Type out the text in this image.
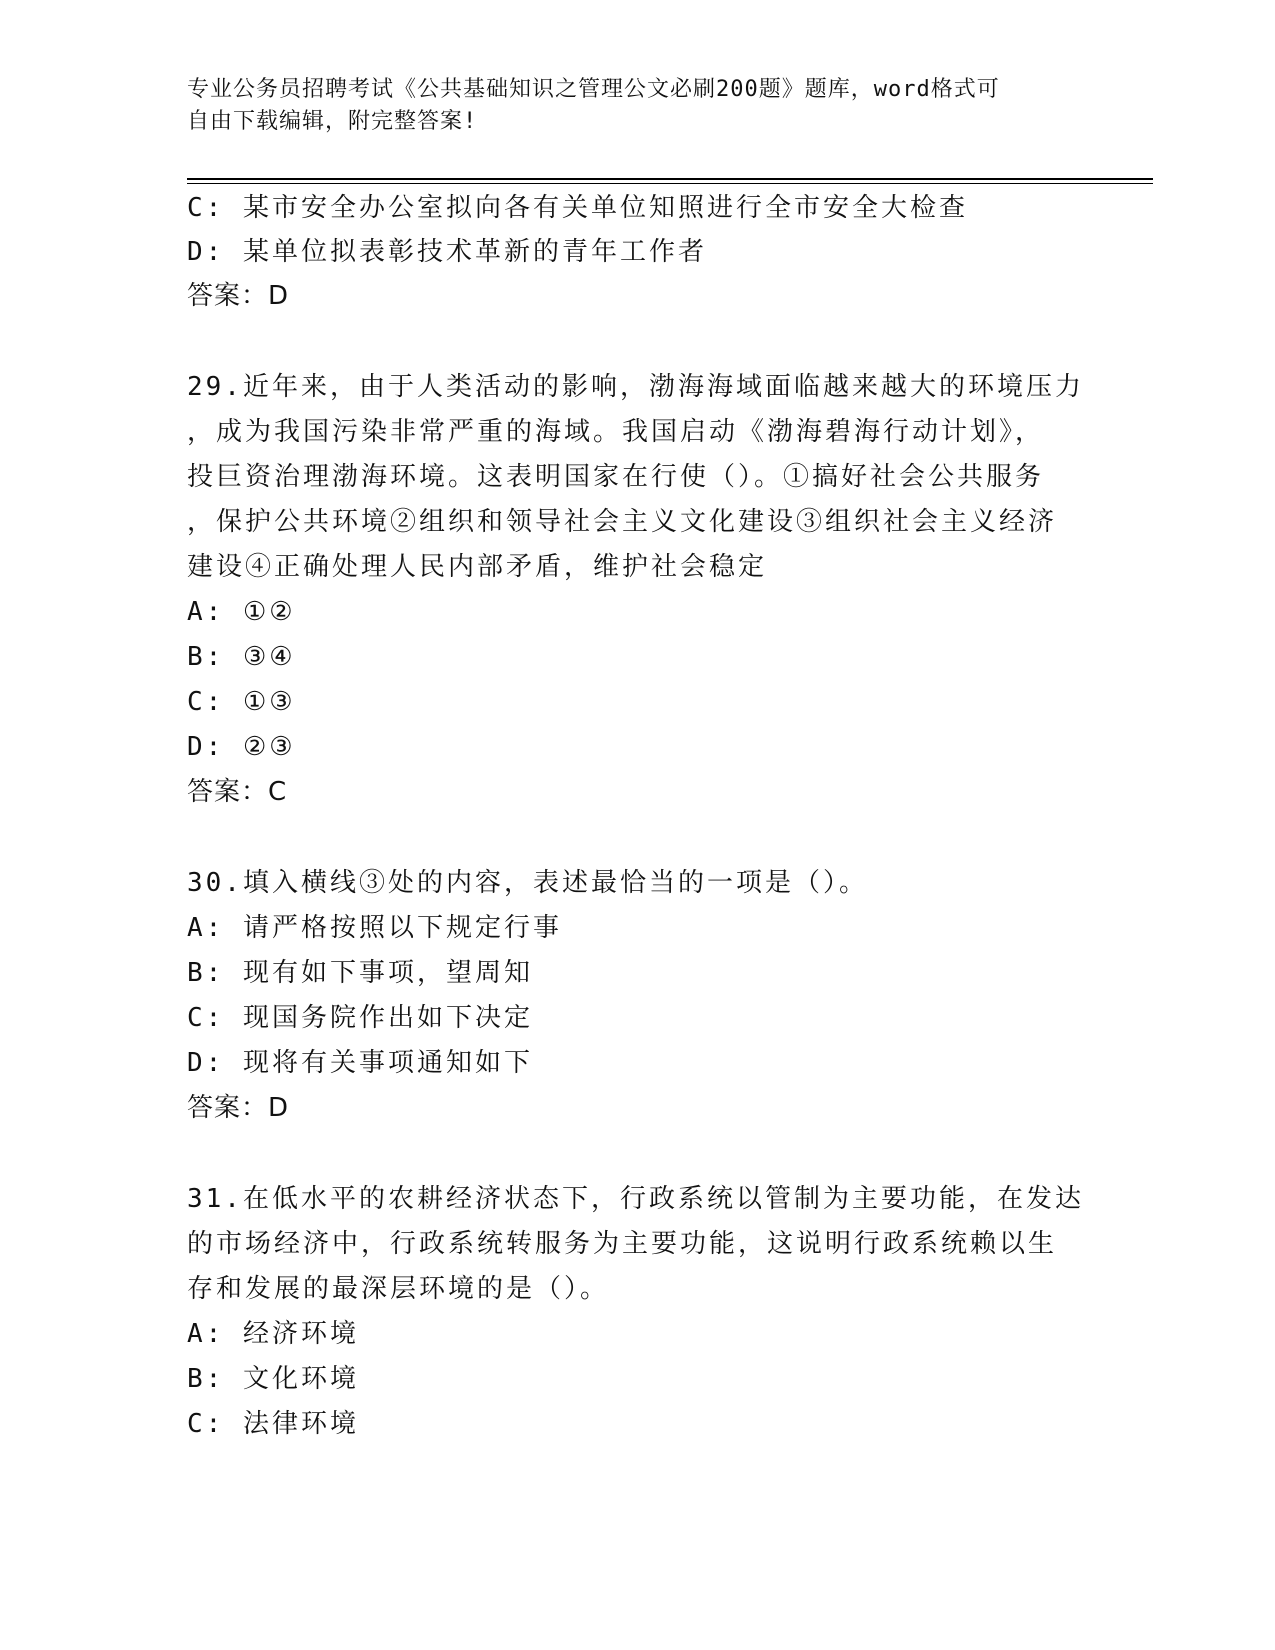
专业公务员招聘考试《公共基础知识之管理公文必刷200题》题库，word格式可
自由下载编辑，附完整答案!
C: 某市安全办公室拟向各有关单位知照进行全市安全大检查
D: 某单位拟表彰技术革新的青年工作者
答案：D
29.近年来，由于人类活动的影响，渤海海域面临越来越大的环境压力
，成为我国污染非常严重的海域。我国启动《渤海碧海行动计划》，
投巨资治理渤海环境。这表明国家在行使（）。①搞好社会公共服务
，保护公共环境②组织和领导社会主义文化建设③组织社会主义经济
建设④正确处理人民内部矛盾，维护社会稳定
A: ①②
B: ③④
C: ①③
D: ②③
答案：C
30.填入横线③处的内容，表述最恰当的一项是（）。
A: 请严格按照以下规定行事
B: 现有如下事项，望周知
C: 现国务院作出如下决定
D: 现将有关事项通知如下
答案：D
31.在低水平的农耕经济状态下，行政系统以管制为主要功能，在发达
的市场经济中，行政系统转服务为主要功能，这说明行政系统赖以生
存和发展的最深层环境的是（）。
A: 经济环境
B: 文化环境
C: 法律环境
